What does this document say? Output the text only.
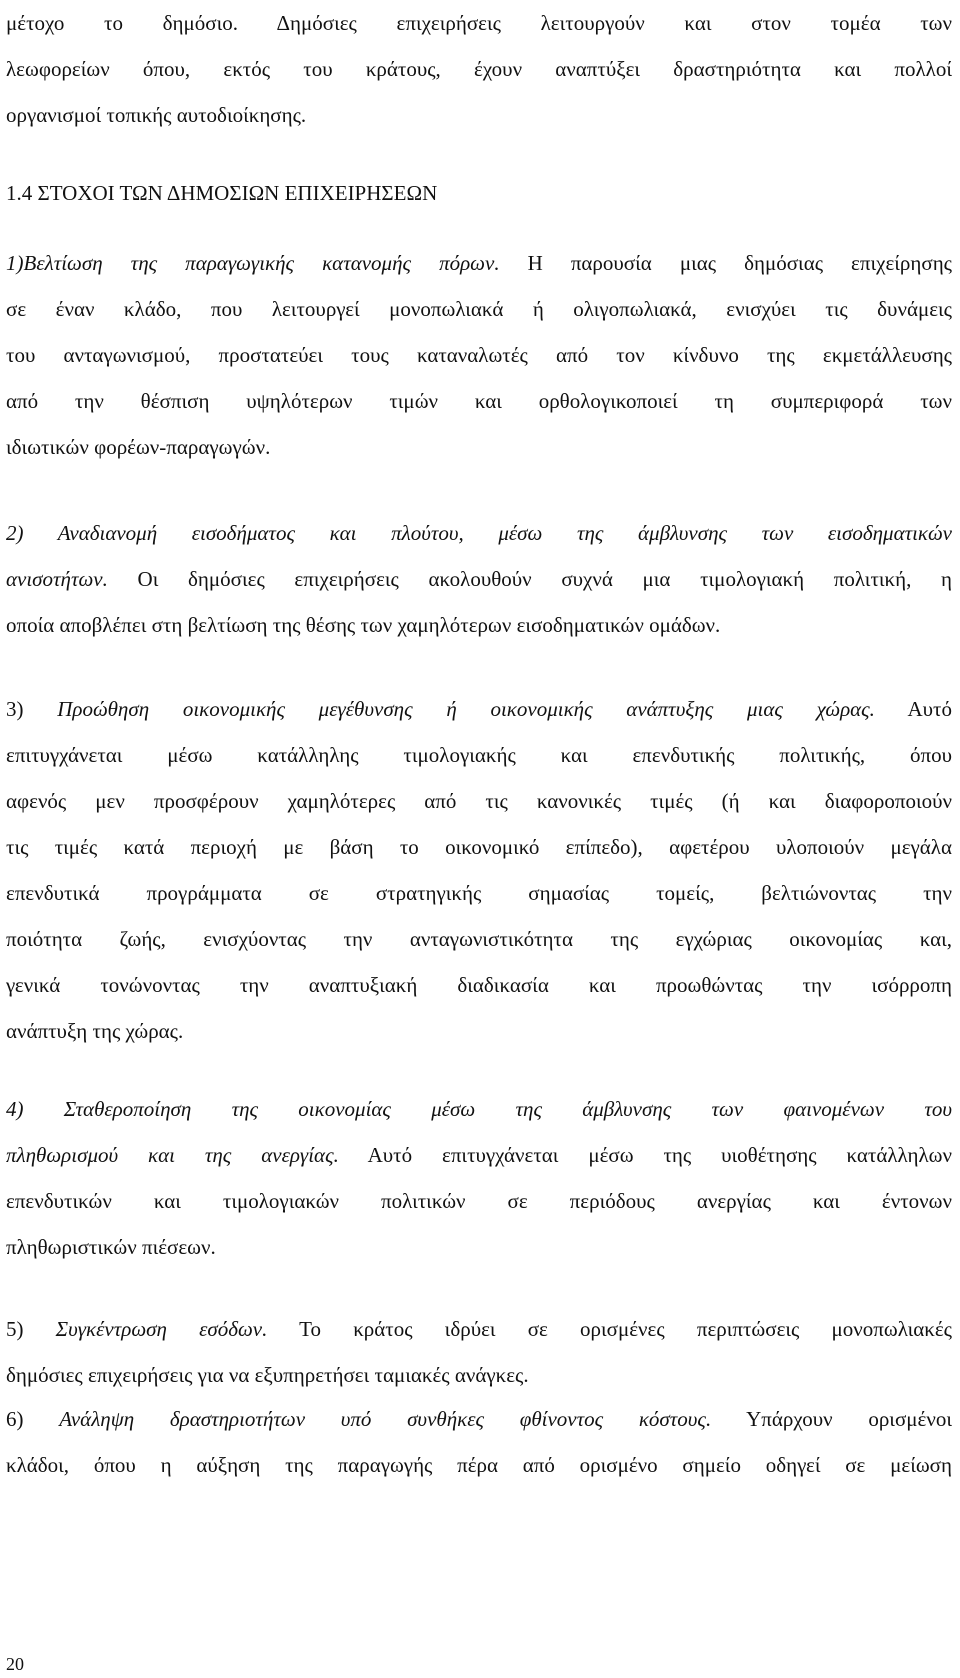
μέτοχο το δημόσιο. Δημόσιες επιχειρήσεις λειτουργούν και στον τομέα των
λεωφορείων όπου, εκτός του κράτους, έχουν αναπτύξει δραστηριότητα και πολλοί
οργανισμοί τοπικής αυτοδιοίκησης.
1.4 ΣΤΟΧΟΙ ΤΩΝ ΔΗΜΟΣΙΩΝ ΕΠΙΧΕΙΡΗΣΕΩΝ
1)Βελτίωση της παραγωγικής κατανομής πόρων. Η παρουσία μιας δημόσιας επιχείρησης
σε έναν κλάδο, που λειτουργεί μονοπωλιακά ή ολιγοπωλιακά, ενισχύει τις δυνάμεις
του ανταγωνισμού, προστατεύει τους καταναλωτές από τον κίνδυνο της εκμετάλλευσης
από την θέσπιση υψηλότερων τιμών και ορθολογικοποιεί τη συμπεριφορά των
ιδιωτικών φορέων-παραγωγών.
2) Αναδιανομή εισοδήματος και πλούτου, μέσω της άμβλυνσης των εισοδηματικών
ανισοτήτων. Οι δημόσιες επιχειρήσεις ακολουθούν συχνά μια τιμολογιακή πολιτική, η
οποία αποβλέπει στη βελτίωση της θέσης των χαμηλότερων εισοδηματικών ομάδων.
3) Προώθηση οικονομικής μεγέθυνσης ή οικονομικής ανάπτυξης μιας χώρας. Αυτό
επιτυγχάνεται μέσω κατάλληλης τιμολογιακής και επενδυτικής πολιτικής, όπου
αφενός μεν προσφέρουν χαμηλότερες από τις κανονικές τιμές (ή και διαφοροποιούν
τις τιμές κατά περιοχή με βάση το οικονομικό επίπεδο), αφετέρου υλοποιούν μεγάλα
επενδυτικά προγράμματα σε στρατηγικής σημασίας τομείς, βελτιώνοντας την
ποιότητα ζωής, ενισχύοντας την ανταγωνιστικότητα της εγχώριας οικονομίας και,
γενικά τονώνοντας την αναπτυξιακή διαδικασία και προωθώντας την ισόρροπη
ανάπτυξη της χώρας.
4) Σταθεροποίηση της οικονομίας μέσω της άμβλυνσης των φαινομένων του
πληθωρισμού και της ανεργίας. Αυτό επιτυγχάνεται μέσω της υιοθέτησης κατάλληλων
επενδυτικών και τιμολογιακών πολιτικών σε περιόδους ανεργίας και έντονων
πληθωριστικών πιέσεων.
5) Συγκέντρωση εσόδων. Το κράτος ιδρύει σε ορισμένες περιπτώσεις μονοπωλιακές
δημόσιες επιχειρήσεις για να εξυπηρετήσει ταμιακές ανάγκες.
6) Ανάληψη δραστηριοτήτων υπό συνθήκες φθίνοντος κόστους. Υπάρχουν ορισμένοι
κλάδοι, όπου η αύξηση της παραγωγής πέρα από ορισμένο σημείο οδηγεί σε μείωση
20
